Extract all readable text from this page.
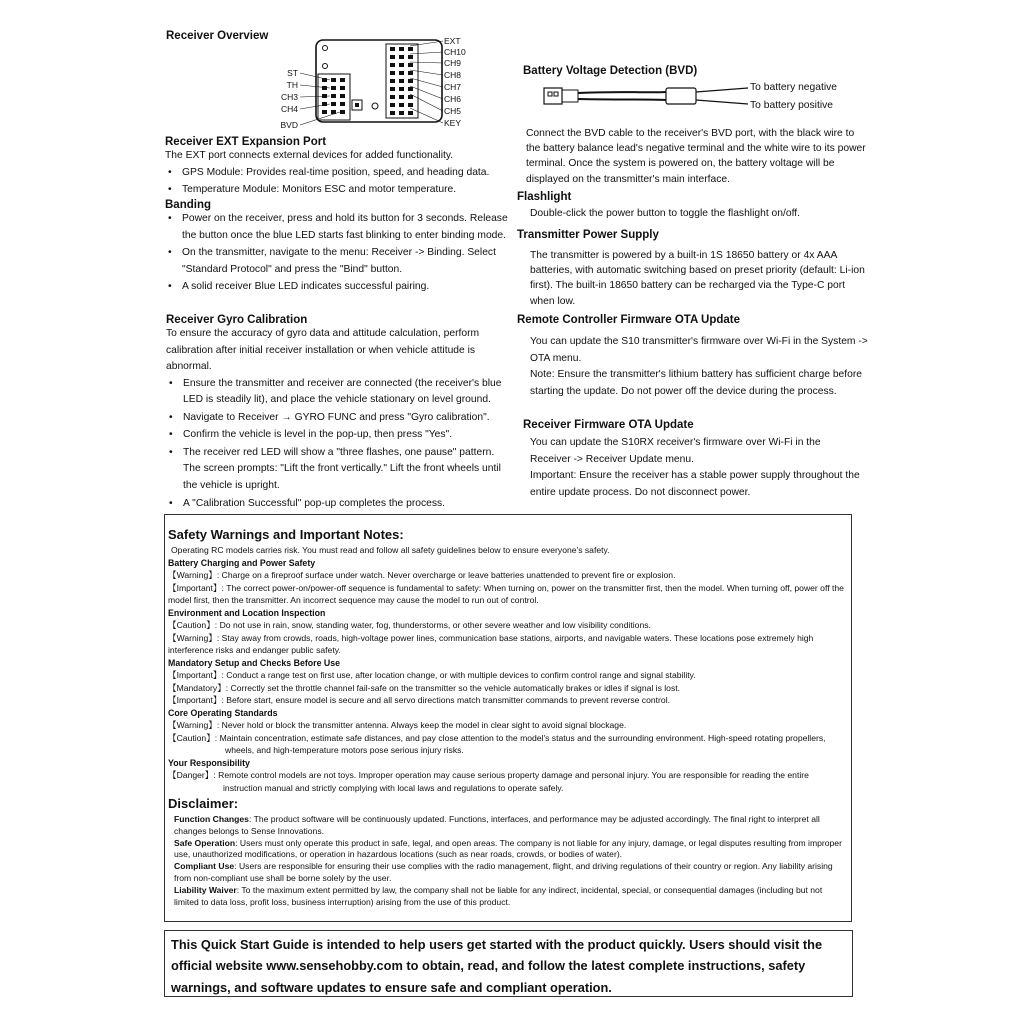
Receiver Overview
ST
TH
CH3
CH4
BVD
EXT
CH10
CH9
CH8
CH7
CH6
CH5
KEY
Receiver EXT Expansion Port

The EXT port connects external devices for added functionality.

• GPS Module: Provides real-time position, speed, and heading data.
• Temperature Module: Monitors ESC and motor temperature.
Banding
• Power on the receiver, press and hold its button for 3 seconds. Release the button once the blue LED starts fast blinking to enter binding mode.
• On the transmitter, navigate to the menu: Receiver -> Binding. Select "Standard Protocol" and press the "Bind" button.
• A solid receiver Blue LED indicates successful pairing.
Receiver Gyro Calibration

To ensure the accuracy of gyro data and attitude calculation, perform calibration after initial receiver installation or when vehicle attitude is abnormal.

• Ensure the transmitter and receiver are connected (the receiver's blue LED is steadily lit), and place the vehicle stationary on level ground.
• Navigate to Receiver → GYRO FUNC and press "Gyro calibration".
• Confirm the vehicle is level in the pop-up, then press "Yes".
• The receiver red LED will show a "three flashes, one pause" pattern. The screen prompts: "Lift the front vertically." Lift the front wheels until the vehicle is upright.
• A "Calibration Successful" pop-up completes the process.
Battery Voltage Detection (BVD)
To battery negative
To battery positive

Connect the BVD cable to the receiver's BVD port, with the black wire to the battery balance lead's negative terminal and the white wire to its power terminal. Once the system is powered on, the battery voltage will be displayed on the transmitter's main interface.

Flashlight

Double-click the power button to toggle the flashlight on/off.

Transmitter Power Supply

The transmitter is powered by a built-in 1S 18650 battery or 4x AAA batteries, with automatic switching based on preset priority (default: Li-ion first). The built-in 18650 battery can be recharged via the Type-C port when low.

Remote Controller Firmware OTA Update

You can update the S10 transmitter's firmware over Wi-Fi in the System -> OTA menu.

Note: Ensure the transmitter's lithium battery has sufficient charge before starting the update. Do not power off the device during the process.

Receiver Firmware OTA Update

You can update the S10RX receiver's firmware over Wi-Fi in the Receiver -> Receiver Update menu.

Important: Ensure the receiver has a stable power supply throughout the entire update process. Do not disconnect power.

Safety Warnings and Important Notes:

Operating RC models carries risk. You must read and follow all safety guidelines below to ensure everyone's safety.

Battery Charging and Power Safety

【Warning】: Charge on a fireproof surface under watch. Never overcharge or leave batteries unattended to prevent fire or explosion.

【Important】: The correct power-on/power-off sequence is fundamental to safety: When turning on, power on the transmitter first, then the model. When turning off, power off the model first, then the transmitter. An incorrect sequence may cause the model to run out of control.

Environment and Location Inspection

【Caution】: Do not use in rain, snow, standing water, fog, thunderstorms, or other severe weather and low visibility conditions.

【Warning】: Stay away from crowds, roads, high-voltage power lines, communication base stations, airports, and navigable waters. These locations pose extremely high interference risks and endanger public safety.

Mandatory Setup and Checks Before Use

【Important】: Conduct a range test on first use, after location change, or with multiple devices to confirm control range and signal stability.

【Mandatory】: Correctly set the throttle channel fail-safe on the transmitter so the vehicle automatically brakes or idles if signal is lost.

【Important】: Before start, ensure model is secure and all servo directions match transmitter commands to prevent reverse control.

Core Operating Standards

【Warning】: Never hold or block the transmitter antenna. Always keep the model in clear sight to avoid signal blockage.

【Caution】: Maintain concentration, estimate safe distances, and pay close attention to the model's status and the surrounding environment. High-speed rotating propellers, wheels, and high-temperature motors pose serious injury risks.

Your Responsibility

【Danger】: Remote control models are not toys. Improper operation may cause serious property damage and personal injury. You are responsible for reading the entire instruction manual and strictly complying with local laws and regulations to operate safely.

Disclaimer:

Function Changes: The product software will be continuously updated. Functions, interfaces, and performance may be adjusted accordingly. The final right to interpret all changes belongs to Sense Innovations.

Safe Operation: Users must only operate this product in safe, legal, and open areas. The company is not liable for any injury, damage, or legal disputes resulting from improper use, unauthorized modifications, or operation in hazardous locations (such as near roads, crowds, or bodies of water).

Compliant Use: Users are responsible for ensuring their use complies with the radio management, flight, and driving regulations of their country or region. Any liability arising from non-compliant use shall be borne solely by the user.

Liability Waiver: To the maximum extent permitted by law, the company shall not be liable for any indirect, incidental, special, or consequential damages (including but not limited to data loss, profit loss, business interruption) arising from the use of this product.

This Quick Start Guide is intended to help users get started with the product quickly. Users should visit the official website www.sensehobby.com to obtain, read, and follow the latest complete instructions, safety warnings, and software updates to ensure safe and compliant operation.
